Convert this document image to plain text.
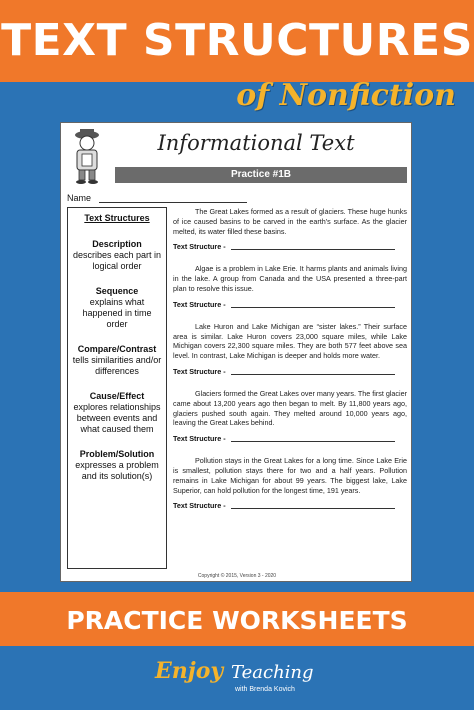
TEXT STRUCTURES
of Nonfiction
Informational Text
Practice #1B
Name
Text Structures
Description
describes each part in logical order
Sequence
explains what happened in time order
Compare/Contrast
tells similarities and/or differences
Cause/Effect
explores relationships between events and what caused them
Problem/Solution
expresses a problem and its solution(s)

The Great Lakes formed as a result of glaciers. These huge hunks of ice caused basins to be carved in the earth's surface. As the glacier melted, its water filled these basins.

Text Structure -

Algae is a problem in Lake Erie. It harms plants and animals living in the lake. A group from Canada and the USA presented a three-part plan to resolve this issue.

Text Structure -

Lake Huron and Lake Michigan are “sister lakes.” Their surface area is similar. Lake Huron covers 23,000 square miles, while Lake Michigan covers 22,300 square miles. They are both 577 feet above sea level. In contrast, Lake Michigan is deeper and holds more water.

Text Structure -

Glaciers formed the Great Lakes over many years. The first glacier came about 13,200 years ago then began to melt. By 11,800 years ago, glaciers pushed south again. They melted around 10,000 years ago, leaving the Great Lakes behind.

Text Structure -

Pollution stays in the Great Lakes for a long time. Since Lake Erie is smallest, pollution stays there for two and a half years. Pollution remains in Lake Michigan for about 99 years. The biggest lake, Lake Superior, can hold pollution for the longest time, 191 years.

Text Structure -
Copyright © 2015, Version 3 - 2020
PRACTICE WORKSHEETS
Enjoy Teaching
with Brenda Kovich
